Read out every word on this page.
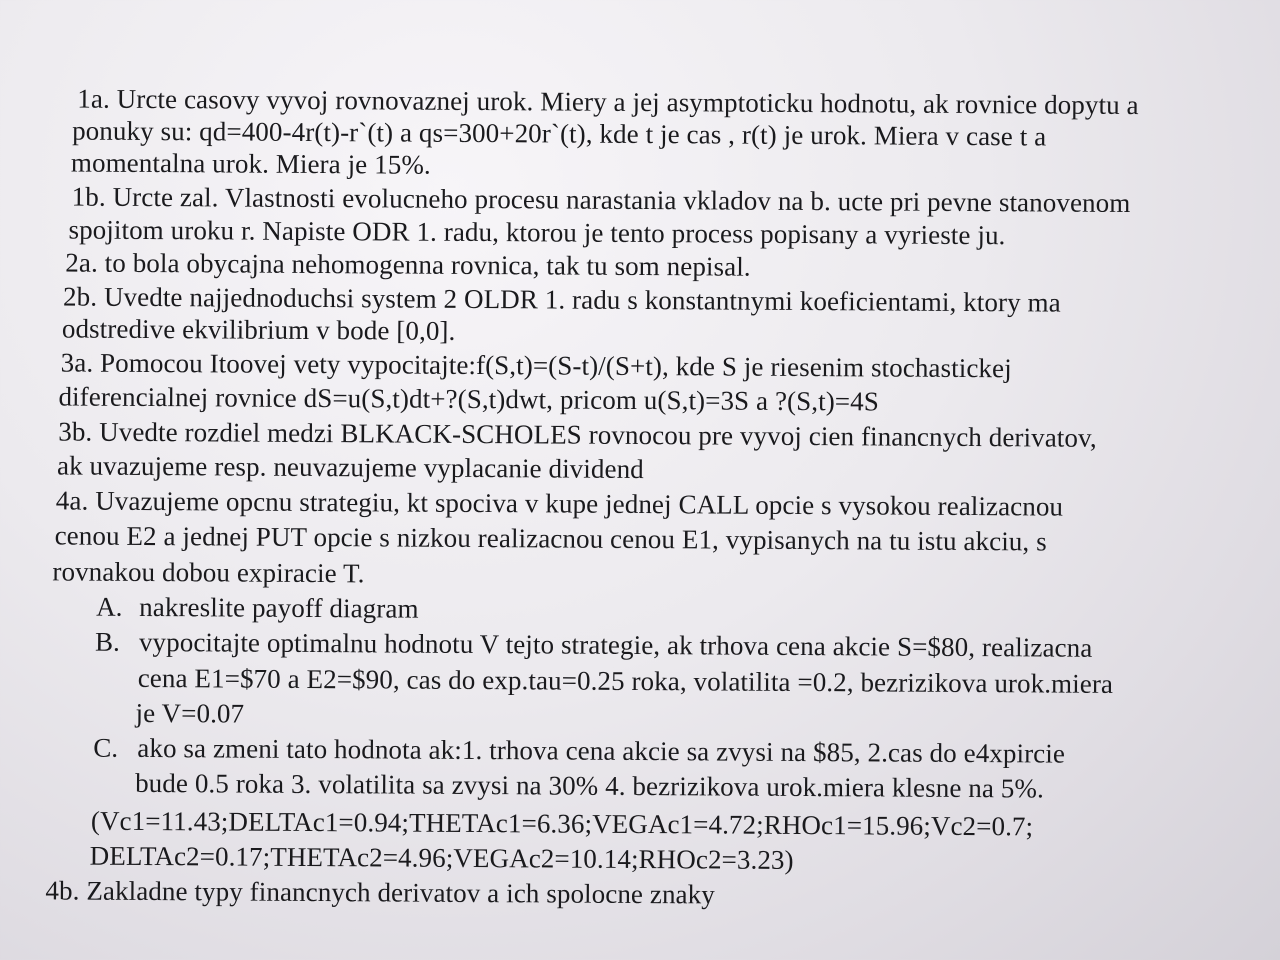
1a. Urcte casovy vyvoj rovnovaznej urok. Miery a jej asymptoticku hodnotu, ak rovnice dopytu a
ponuky su: qd=400-4r(t)-r`(t) a qs=300+20r`(t), kde t je cas , r(t) je urok. Miera v case t a
momentalna urok. Miera je 15%.
1b. Urcte zal. Vlastnosti evolucneho procesu narastania vkladov na b. ucte pri pevne stanovenom
spojitom uroku r. Napiste ODR 1. radu, ktorou je tento process popisany a vyrieste ju.
2a. to bola obycajna nehomogenna rovnica, tak tu som nepisal.
2b. Uvedte najjednoduchsi system 2 OLDR 1. radu s konstantnymi koeficientami, ktory ma
odstredive ekvilibrium v bode [0,0].
3a. Pomocou Itoovej vety vypocitajte:f(S,t)=(S-t)/(S+t), kde S je riesenim stochastickej
diferencialnej rovnice dS=u(S,t)dt+?(S,t)dwt, pricom u(S,t)=3S a ?(S,t)=4S
3b. Uvedte rozdiel medzi BLKACK-SCHOLES rovnocou pre vyvoj cien financnych derivatov,
ak uvazujeme resp. neuvazujeme vyplacanie dividend
4a. Uvazujeme opcnu strategiu, kt spociva v kupe jednej CALL opcie s vysokou realizacnou
cenou E2 a jednej PUT opcie s nizkou realizacnou cenou E1, vypisanych na tu istu akciu, s
rovnakou dobou expiracie T.
A. nakreslite payoff diagram
B. vypocitajte optimalnu hodnotu V tejto strategie, ak trhova cena akcie S=$80, realizacna
cena E1=$70 a E2=$90, cas do exp.tau=0.25 roka, volatilita =0.2, bezrizikova urok.miera
je V=0.07
C. ako sa zmeni tato hodnota ak:1. trhova cena akcie sa zvysi na $85, 2.cas do e4xpircie
bude 0.5 roka 3. volatilita sa zvysi na 30% 4. bezrizikova urok.miera klesne na 5%.
(Vc1=11.43;DELTAc1=0.94;THETAc1=6.36;VEGAc1=4.72;RHOc1=15.96;Vc2=0.7;
DELTAc2=0.17;THETAc2=4.96;VEGAc2=10.14;RHOc2=3.23)
4b. Zakladne typy financnych derivatov a ich spolocne znaky
